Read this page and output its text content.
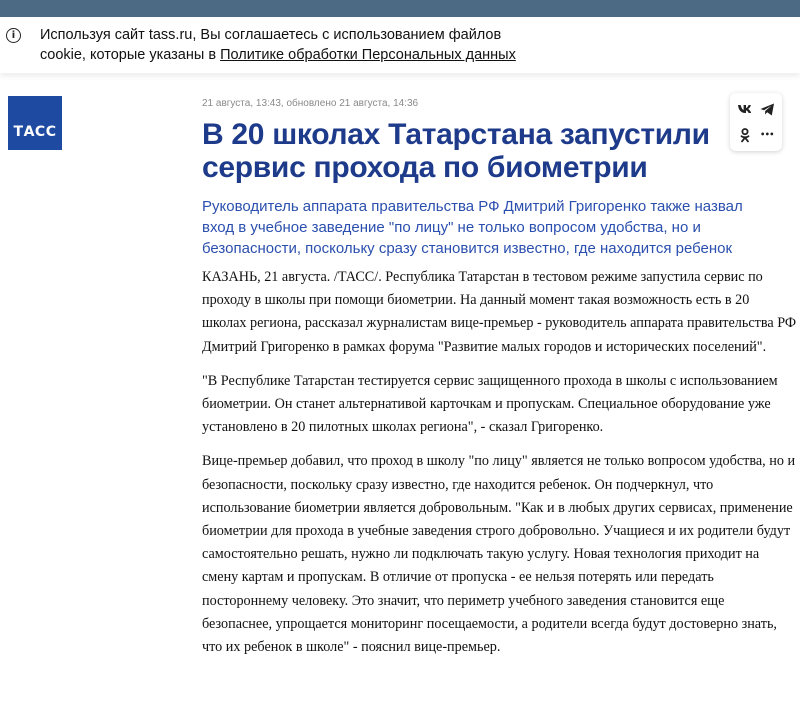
i	Используя сайт tass.ru, Вы соглашаетесь с использованием файлов
cookie, которые указаны в Политике обработки Персональных данных
ТАСС
21 августа, 13:43, обновлено 21 августа, 14:36
В 20 школах Татарстана запустили сервис прохода по биометрии
•••

Руководитель аппарата правительства РФ Дмитрий Григоренко также назвал вход в учебное заведение "по лицу" не только вопросом удобства, но и безопасности, поскольку сразу становится известно, где находится ребенок

КАЗАНЬ, 21 августа. /ТАСС/. Республика Татарстан в тестовом режиме запустила сервис по проходу в школы при помощи биометрии. На данный момент такая возможность есть в 20 школах региона, рассказал журналистам вице-премьер - руководитель аппарата правительства РФ Дмитрий Григоренко в рамках форума "Развитие малых городов и исторических поселений".

"В Республике Татарстан тестируется сервис защищенного прохода в школы с использованием биометрии. Он станет альтернативой карточкам и пропускам. Специальное оборудование уже установлено в 20 пилотных школах региона", - сказал Григоренко.

Вице-премьер добавил, что проход в школу "по лицу" является не только вопросом удобства, но и безопасности, поскольку сразу известно, где находится ребенок. Он подчеркнул, что использование биометрии является добровольным. "Как и в любых других сервисах, применение биометрии для прохода в учебные заведения строго добровольно. Учащиеся и их родители будут самостоятельно решать, нужно ли подключать такую услугу. Новая технология приходит на смену картам и пропускам. В отличие от пропуска - ее нельзя потерять или передать постороннему человеку. Это значит, что периметр учебного заведения становится еще безопаснее, упрощается мониторинг посещаемости, а родители всегда будут достоверно знать, что их ребенок в школе" - пояснил вице-премьер.
